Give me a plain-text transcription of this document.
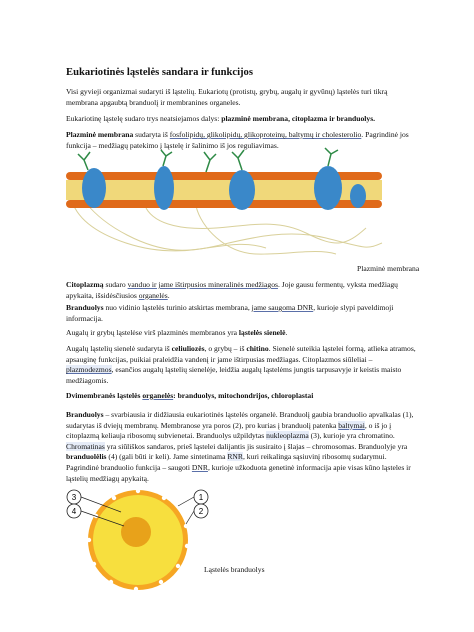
Eukariotinės ląstelės sandara ir funkcijos

Visi gyvieji organizmai sudaryti iš ląstelių. Eukariotų (protistų, grybų, augalų ir gyvūnų) ląstelės turi tikrą membrana apgaubtą branduolį ir membranines organeles.

Eukariotinę ląstelę sudaro trys neatsiejamos dalys: plazminė membrana, citoplazma ir branduolys.

Plazminė membrana sudaryta iš fosfolipidų, glikolipidų, glikoproteinų, baltymų ir cholesterolio. Pagrindinė jos funkcija – medžiagų patekimo į ląstelę ir šalinimo iš jos reguliavimas.

Plazminė membrana

Citoplazmą sudaro vanduo ir jame ištirpusios mineralinės medžiagos. Joje gausu fermentų, vyksta medžiagų apykaita, išsidėsčiusios organelės.

Branduolys nuo vidinio ląstelės turinio atskirtas membrana, jame saugoma DNR, kurioje slypi paveldimoji informacija.

Augalų ir grybų ląstelėse virš plazminės membranos yra ląstelės sienelė.

Augalų ląstelių sienelė sudaryta iš celiuliozės, o grybų – iš chitino. Sienelė suteikia ląstelei formą, atlieka atramos, apsauginę funkcijas, puikiai praleidžia vandenį ir jame ištirpusias medžiagas. Citoplazmos siūleliai – plazmodezmos, esančios augalų ląstelių sienelėje, leidžia augalų ląstelėms jungtis tarpusavyje ir keistis maisto medžiagomis.

Dvimembranės ląstelės organelės: branduolys, mitochondrijos, chloroplastai

Branduolys – svarbiausia ir didžiausia eukariotinės ląstelės organelė. Branduolį gaubia branduolio apvalkalas (1), sudarytas iš dviejų membranų. Membranose yra poros (2), pro kurias į branduolį patenka baltymai, o iš jo į citoplazmą keliauja ribosomų subvienetai. Branduolys užpildytas nukleoplazma (3), kurioje yra chromatino. Chromatinas yra siūliškos sandaros, prieš ląstelei dalijantis jis susiraito į šlajas – chromosomas. Branduolyje yra branduolėlis (4) (gali būti ir keli). Jame sintetinama RNR, kuri reikalinga sąsiuvinį ribosomų sudarymui. Pagrindinė branduolio funkcija – saugoti DNR, kurioje užkoduota genetinė informacija apie visas kūno ląsteles ir ląstelių medžiagų apykaitą.

3
4
1
2
Ląstelės branduolys
